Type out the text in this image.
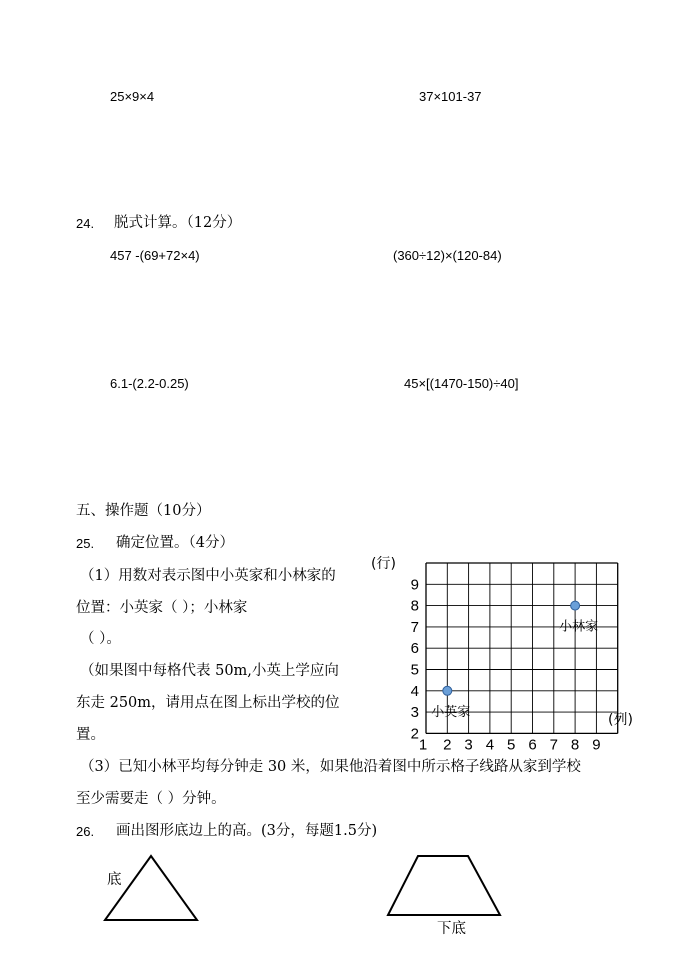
25×9×4	37×101-37
24. 脱式计算。（12分）
457 -(69+72×4)	(360÷12)×(120-84)
6.1-(2.2-0.25)	45×[(1470-150)÷40]
五、操作题（10分）
25. 确定位置。（4分）
（1）用数对表示图中小英家和小林家的
位置：小英家（ ）；小林家
（ ）。
（如果图中每格代表 50m,小英上学应向
东走 250m，请用点在图上标出学校的位
置。
（3）已知小林平均每分钟走 30 米，如果他沿着图中所示格子线路从家到学校
至少需要走（ ）分钟。
1 2 3 4 5 6 7 8 9
2
3
4
5
6
7
8
9
小英家
小林家
(行)
(列)
26. 画出图形底边上的高。(3分，每题1.5分)
底
下底
